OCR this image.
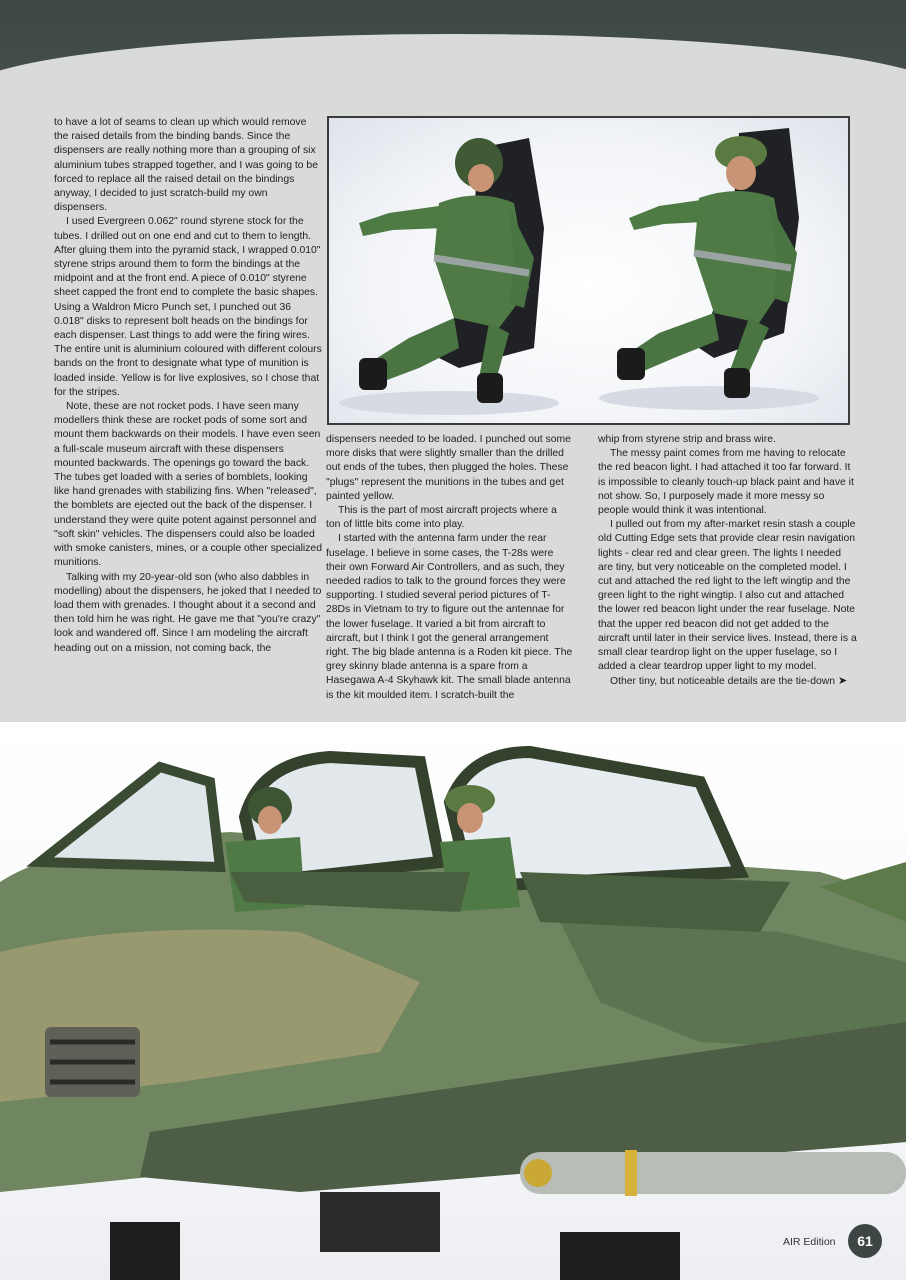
to have a lot of seams to clean up which would remove the raised details from the binding bands. Since the dispensers are really nothing more than a grouping of six aluminium tubes strapped together, and I was going to be forced to replace all the raised detail on the bindings anyway, I decided to just scratch-build my own dispensers.

I used Evergreen 0.062" round styrene stock for the tubes. I drilled out on one end and cut to them to length. After gluing them into the pyramid stack, I wrapped 0.010" styrene strips around them to form the bindings at the midpoint and at the front end. A piece of 0.010" styrene sheet capped the front end to complete the basic shapes. Using a Waldron Micro Punch set, I punched out 36 0.018" disks to represent bolt heads on the bindings for each dispenser. Last things to add were the firing wires. The entire unit is aluminium coloured with different colours bands on the front to designate what type of munition is loaded inside. Yellow is for live explosives, so I chose that for the stripes.

Note, these are not rocket pods. I have seen many modellers think these are rocket pods of some sort and mount them backwards on their models. I have even seen a full-scale museum aircraft with these dispensers mounted backwards. The openings go toward the back. The tubes get loaded with a series of bomblets, looking like hand grenades with stabilizing fins. When "released", the bomblets are ejected out the back of the dispenser. I understand they were quite potent against personnel and "soft skin" vehicles. The dispensers could also be loaded with smoke canisters, mines, or a couple other specialized munitions.

Talking with my 20-year-old son (who also dabbles in modelling) about the dispensers, he joked that I needed to load them with grenades. I thought about it a second and then told him he was right. He gave me that "you're crazy" look and wandered off. Since I am modeling the aircraft heading out on a mission, not coming back, the

dispensers needed to be loaded. I punched out some more disks that were slightly smaller than the drilled out ends of the tubes, then plugged the holes. These "plugs" represent the munitions in the tubes and get painted yellow.

This is the part of most aircraft projects where a ton of little bits come into play.

I started with the antenna farm under the rear fuselage. I believe in some cases, the T-28s were their own Forward Air Controllers, and as such, they needed radios to talk to the ground forces they were supporting. I studied several period pictures of T-28Ds in Vietnam to try to figure out the antennae for the lower fuselage. It varied a bit from aircraft to aircraft, but I think I got the general arrangement right. The big blade antenna is a Roden kit piece. The grey skinny blade antenna is a spare from a Hasegawa A-4 Skyhawk kit. The small blade antenna is the kit moulded item. I scratch-built the

whip from styrene strip and brass wire.

The messy paint comes from me having to relocate the red beacon light. I had attached it too far forward. It is impossible to cleanly touch-up black paint and have it not show. So, I purposely made it more messy so people would think it was intentional.

I pulled out from my after-market resin stash a couple old Cutting Edge sets that provide clear resin navigation lights - clear red and clear green. The lights I needed are tiny, but very noticeable on the completed model. I cut and attached the red light to the left wingtip and the green light to the right wingtip. I also cut and attached the lower red beacon light under the rear fuselage. Note that the upper red beacon did not get added to the aircraft until later in their service lives. Instead, there is a small clear teardrop light on the upper fuselage, so I added a clear teardrop upper light to my model.

Other tiny, but noticeable details are the tie-down ➤

AIR Edition	61
